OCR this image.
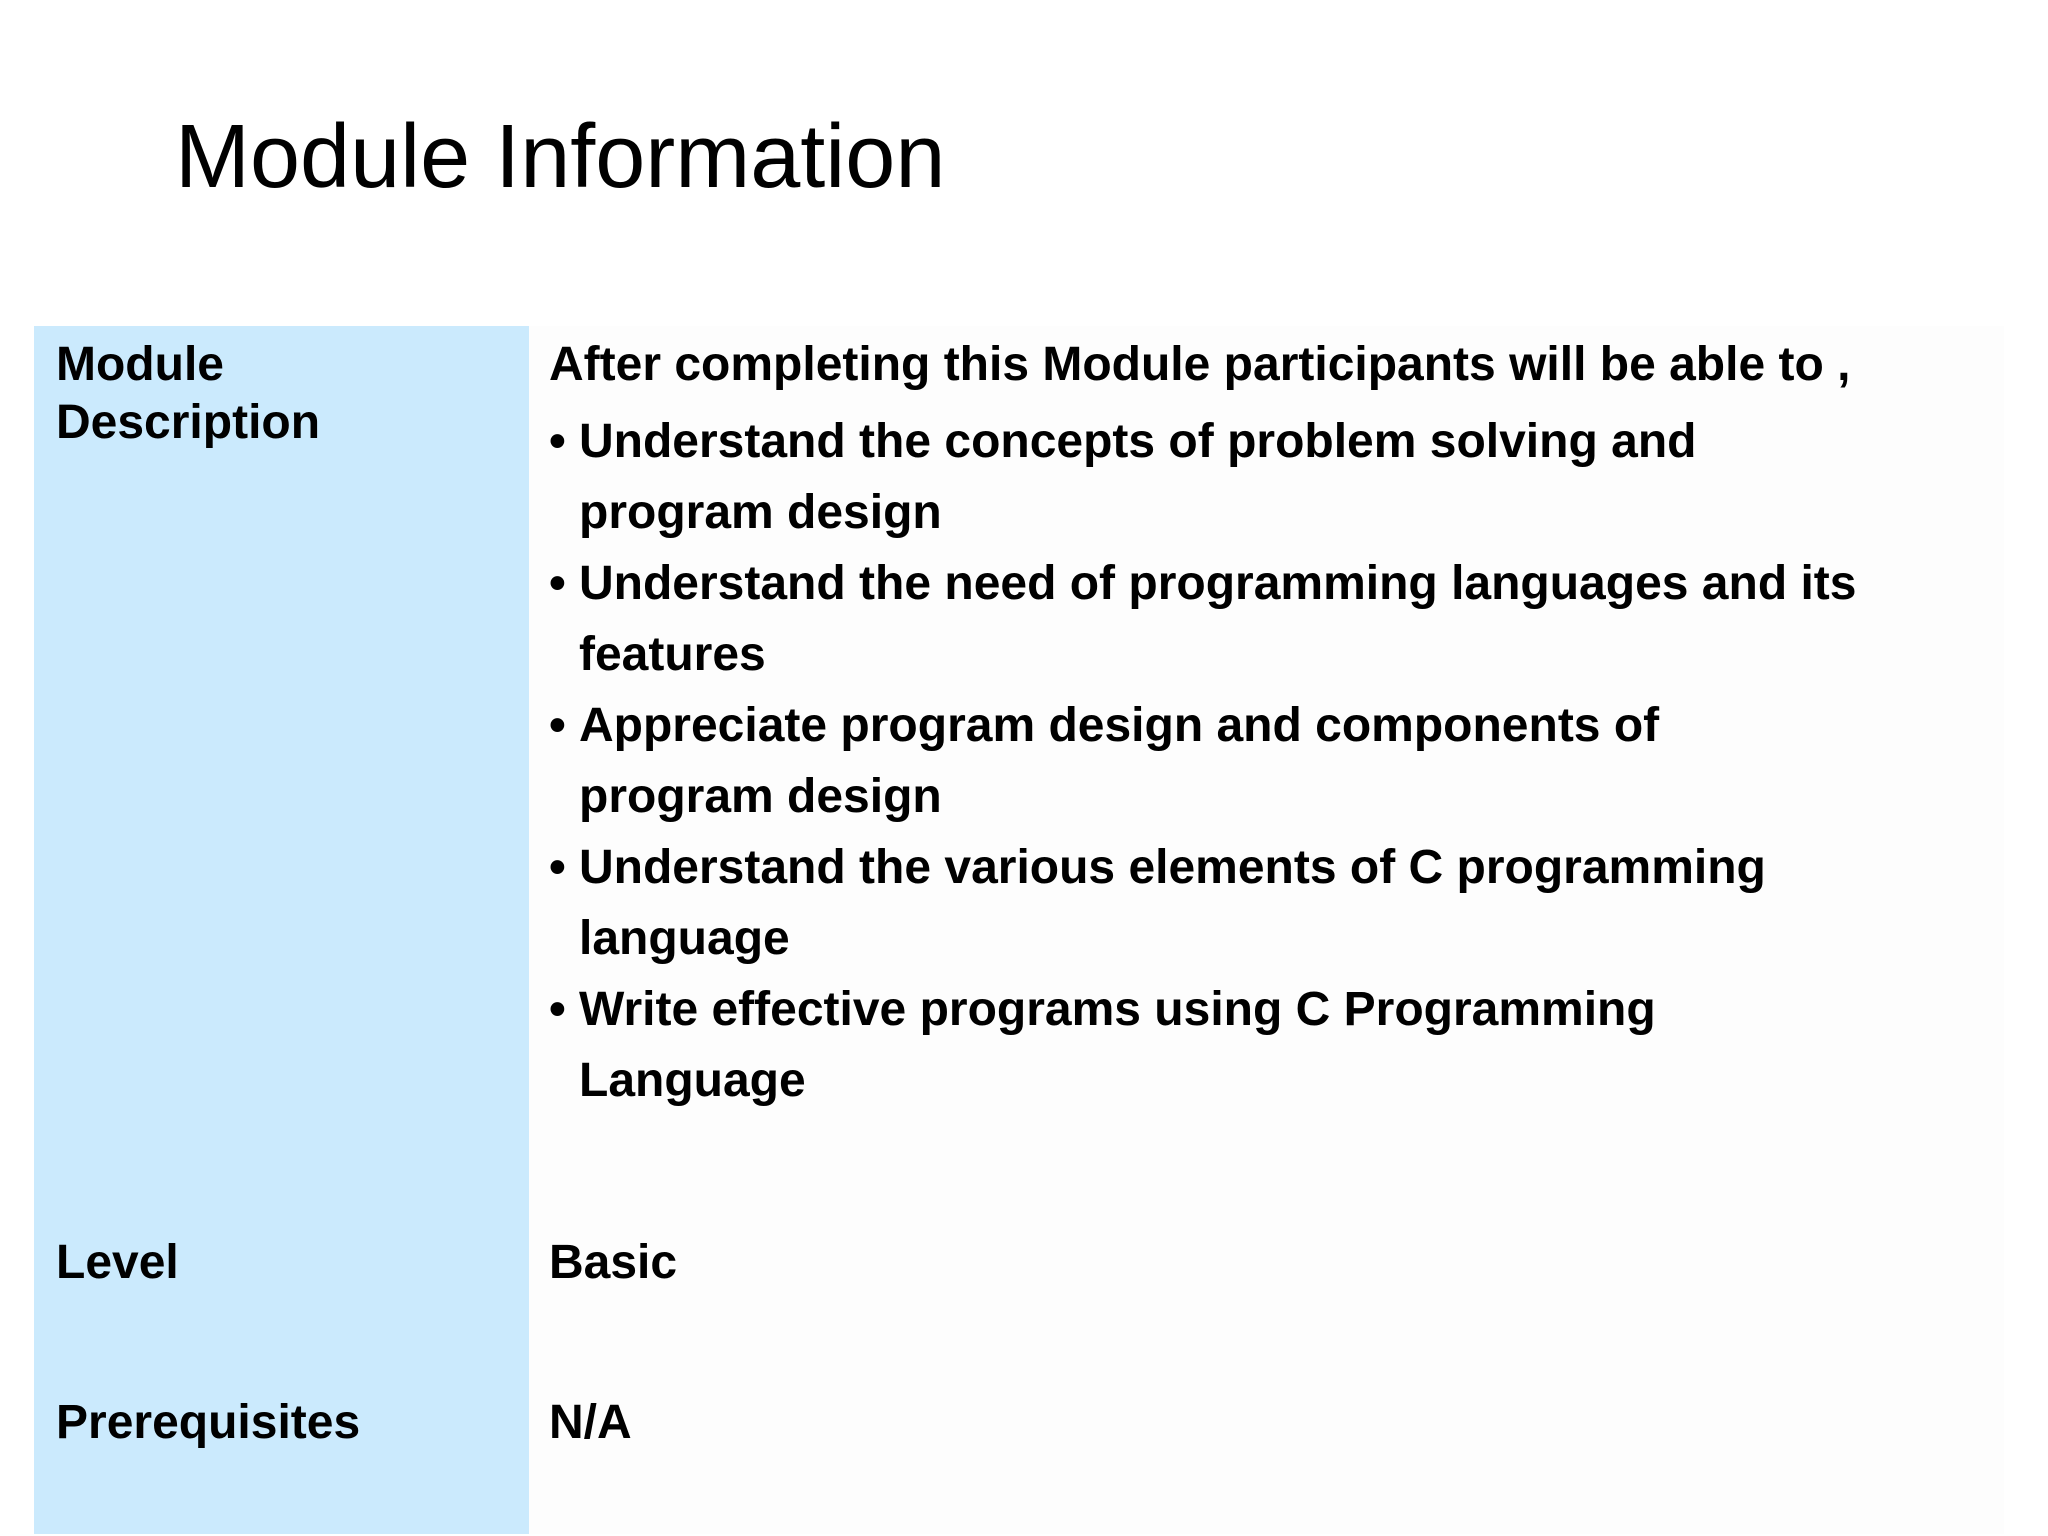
Module Information
Module Description
After completing this Module participants will be able to ,
• Understand the concepts of problem solving and program design
• Understand the need of programming languages and its features
• Appreciate program design and components of program design
• Understand the various elements of C programming language
• Write effective programs using C Programming Language
Level	Basic
Prerequisites	N/A
